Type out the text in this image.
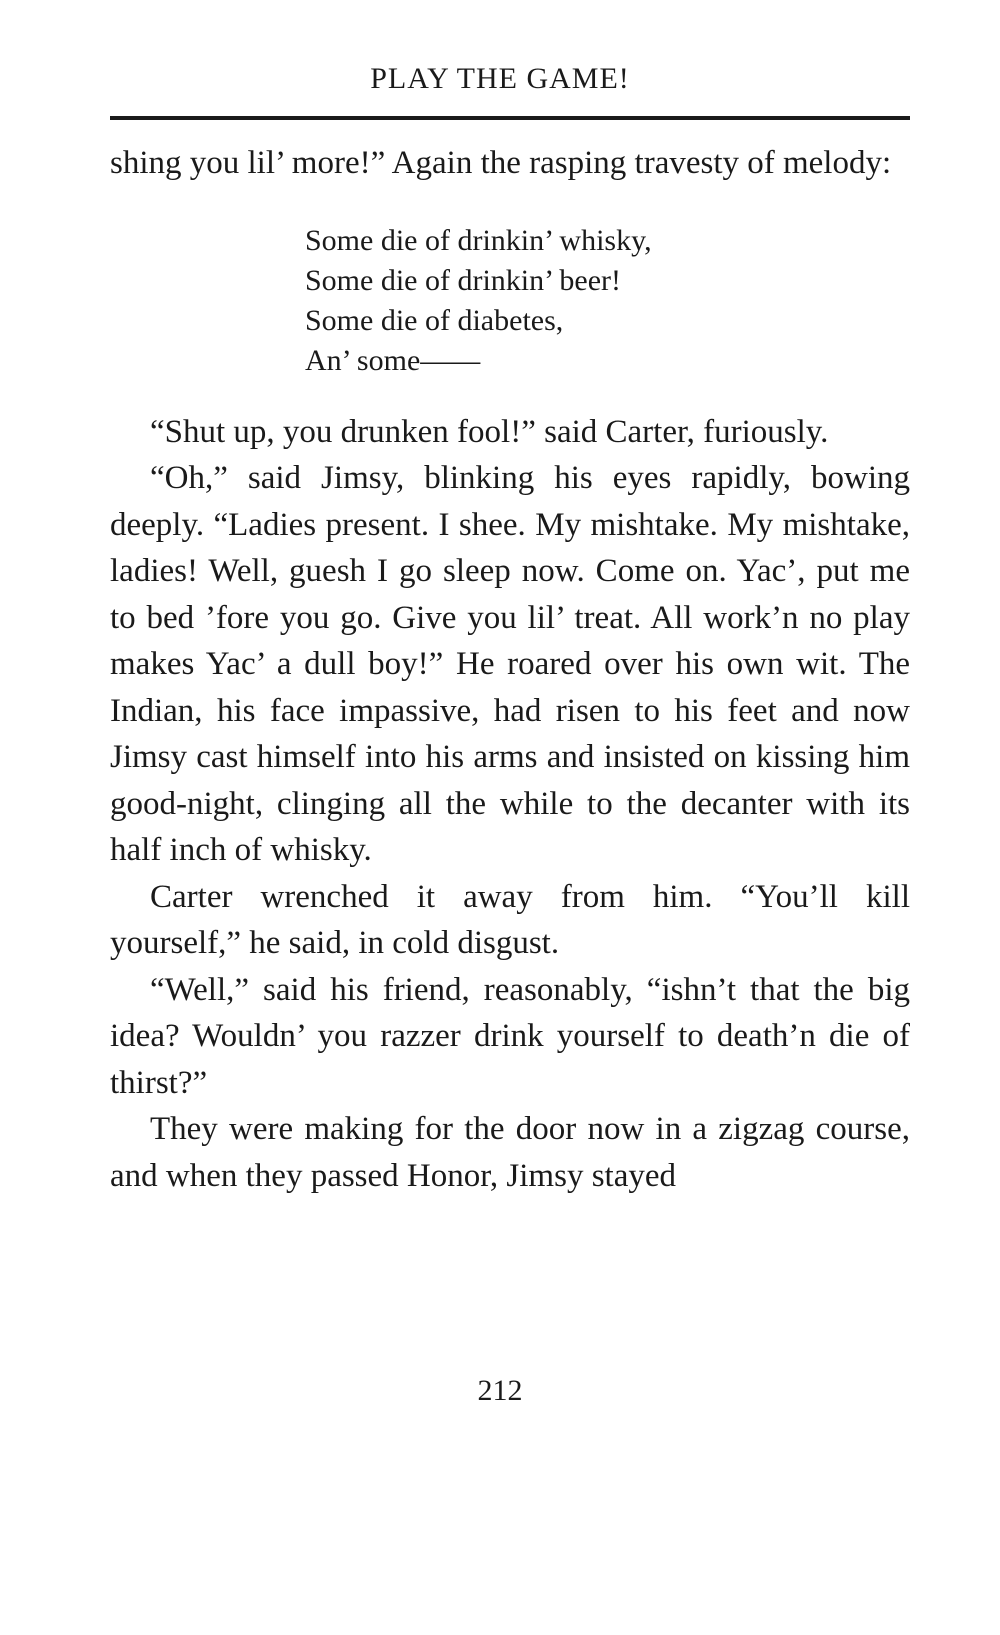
PLAY THE GAME!

shing you lil’ more!” Again the rasping travesty of melody:

Some die of drinkin’ whisky,
Some die of drinkin’ beer!
Some die of diabetes,
An’ some——

“Shut up, you drunken fool!” said Carter, furiously.

“Oh,” said Jimsy, blinking his eyes rapidly, bowing deeply. “Ladies present. I shee. My mishtake. My mishtake, ladies! Well, guesh I go sleep now. Come on. Yac’, put me to bed ’fore you go. Give you lil’ treat. All work’n no play makes Yac’ a dull boy!” He roared over his own wit. The Indian, his face impassive, had risen to his feet and now Jimsy cast himself into his arms and insisted on kissing him good-night, clinging all the while to the decanter with its half inch of whisky.

Carter wrenched it away from him. “You’ll kill yourself,” he said, in cold disgust.

“Well,” said his friend, reasonably, “ishn’t that the big idea? Wouldn’ you razzer drink yourself to death’n die of thirst?”

They were making for the door now in a zigzag course, and when they passed Honor, Jimsy stayed

212
